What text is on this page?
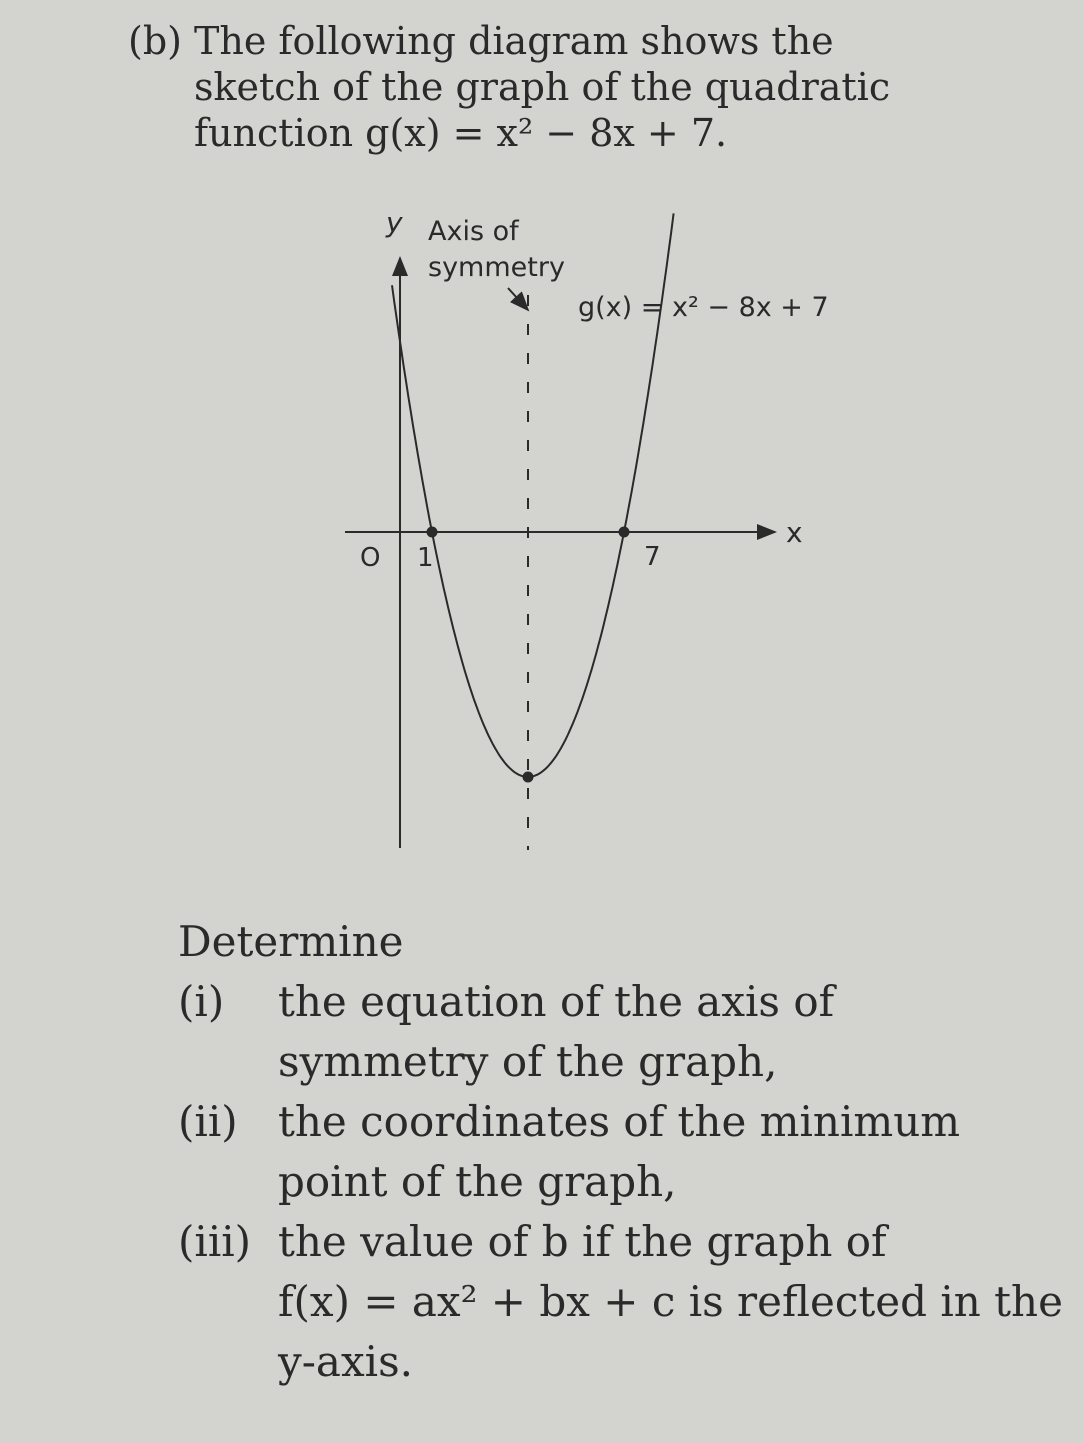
(b) The following diagram shows the
sketch of the graph of the quadratic
function g(x) = x² − 8x + 7.
y
x
O 1	7
Axis of
symmetry
g(x) = x² − 8x + 7
Determine
(i)	the equation of the axis of
symmetry of the graph,
(ii) the coordinates of the minimum
point of the graph,
(iii) the value of b if the graph of
f(x) = ax² + bx + c is reflected in the
y-axis.
